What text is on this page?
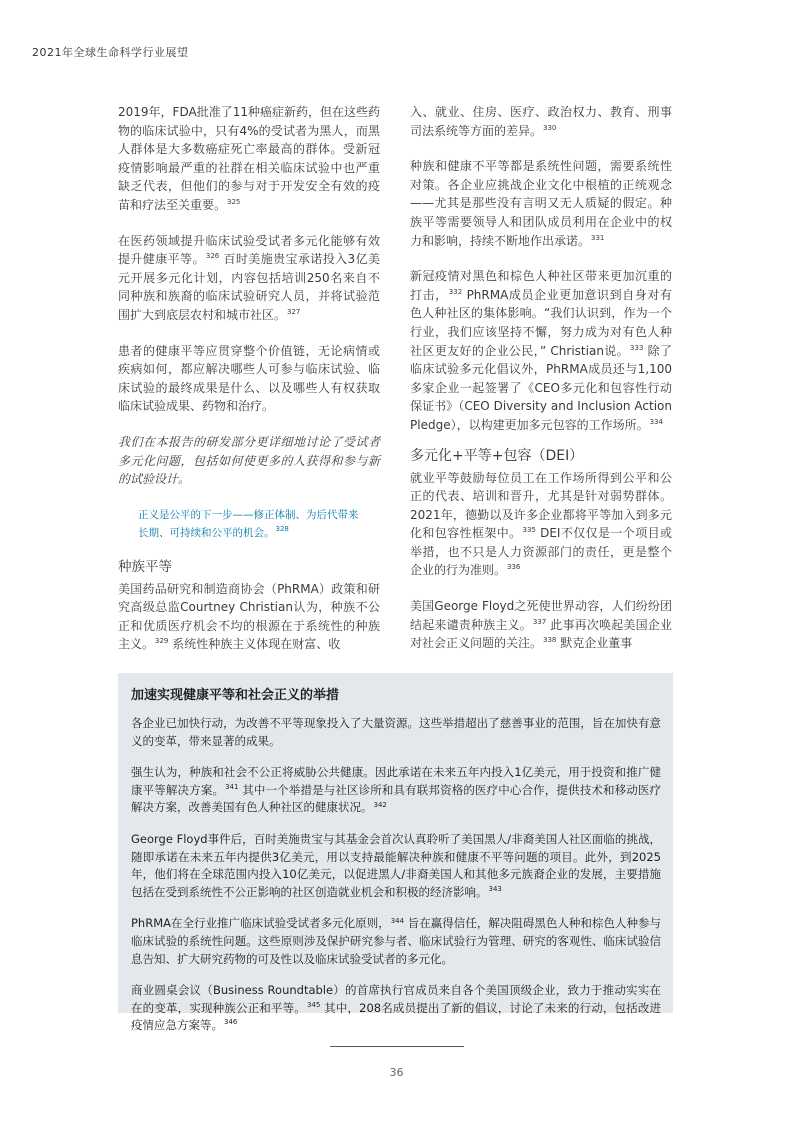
2021年全球生命科学行业展望

2019年，FDA批准了11种癌症新药，但在这些药物的临床试验中，只有4%的受试者为黑人，而黑人群体是大多数癌症死亡率最高的群体。受新冠疫情影响最严重的社群在相关临床试验中也严重缺乏代表，但他们的参与对于开发安全有效的疫苗和疗法至关重要。$^{325}$

在医药领域提升临床试验受试者多元化能够有效提升健康平等。$^{326}$ 百时美施贵宝承诺投入3亿美元开展多元化计划，内容包括培训250名来自不同种族和族裔的临床试验研究人员，并将试验范围扩大到底层农村和城市社区。$^{327}$

患者的健康平等应贯穿整个价值链，无论病情或疾病如何，都应解决哪些人可参与临床试验、临床试验的最终成果是什么、以及哪些人有权获取临床试验成果、药物和治疗。

我们在本报告的研发部分更详细地讨论了受试者多元化问题，包括如何使更多的人获得和参与新的试验设计。

正义是公平的下一步——修正体制、为后代带来长期、可持续和公平的机会。$^{328}$
种族平等

美国药品研究和制造商协会（PhRMA）政策和研究高级总监Courtney Christian认为，种族不公正和优质医疗机会不均的根源在于系统性的种族主义。$^{329}$ 系统性种族主义体现在财富、收

入、就业、住房、医疗、政治权力、教育、刑事司法系统等方面的差异。$^{330}$

种族和健康不平等都是系统性问题，需要系统性对策。各企业应挑战企业文化中根植的正统观念——尤其是那些没有言明又无人质疑的假定。种族平等需要领导人和团队成员利用在企业中的权力和影响，持续不断地作出承诺。$^{331}$

新冠疫情对黑色和棕色人种社区带来更加沉重的打击，$^{332}$ PhRMA成员企业更加意识到自身对有色人种社区的集体影响。“我们认识到，作为一个行业，我们应该坚持不懈，努力成为对有色人种社区更友好的企业公民，” Christian说。$^{333}$ 除了临床试验多元化倡议外，PhRMA成员还与1,100多家企业一起签署了《CEO多元化和包容性行动保证书》（CEO Diversity and Inclusion Action Pledge），以构建更加多元包容的工作场所。$^{334}$

多元化+平等+包容（DEI）

就业平等鼓励每位员工在工作场所得到公平和公正的代表、培训和晋升，尤其是针对弱势群体。2021年，德勤以及许多企业都将平等加入到多元化和包容性框架中。$^{335}$ DEI不仅仅是一个项目或举措，也不只是人力资源部门的责任，更是整个企业的行为准则。$^{336}$

美国George Floyd之死使世界动容，人们纷纷团结起来谴责种族主义。$^{337}$ 此事再次唤起美国企业对社会正义问题的关注。$^{338}$ 默克企业董事

加速实现健康平等和社会正义的举措

各企业已加快行动，为改善不平等现象投入了大量资源。这些举措超出了慈善事业的范围，旨在加快有意义的变革，带来显著的成果。

强生认为，种族和社会不公正将威胁公共健康。因此承诺在未来五年内投入1亿美元，用于投资和推广健康平等解决方案。$^{341}$ 其中一个举措是与社区诊所和具有联邦资格的医疗中心合作，提供技术和移动医疗解决方案，改善美国有色人种社区的健康状况。$^{342}$

George Floyd事件后，百时美施贵宝与其基金会首次认真聆听了美国黑人/非裔美国人社区面临的挑战，随即承诺在未来五年内提供3亿美元，用以支持最能解决种族和健康不平等问题的项目。此外，到2025年，他们将在全球范围内投入10亿美元，以促进黑人/非裔美国人和其他多元族裔企业的发展，主要措施包括在受到系统性不公正影响的社区创造就业机会和积极的经济影响。$^{343}$

PhRMA在全行业推广临床试验受试者多元化原则，$^{344}$ 旨在赢得信任，解决阻碍黑色人种和棕色人种参与临床试验的系统性问题。这些原则涉及保护研究参与者、临床试验行为管理、研究的客观性、临床试验信息告知、扩大研究药物的可及性以及临床试验受试者的多元化。

商业圆桌会议（Business Roundtable）的首席执行官成员来自各个美国顶级企业，致力于推动实实在在的变革，实现种族公正和平等。$^{345}$ 其中，208名成员提出了新的倡议，讨论了未来的行动，包括改进疫情应急方案等。$^{346}$

36
